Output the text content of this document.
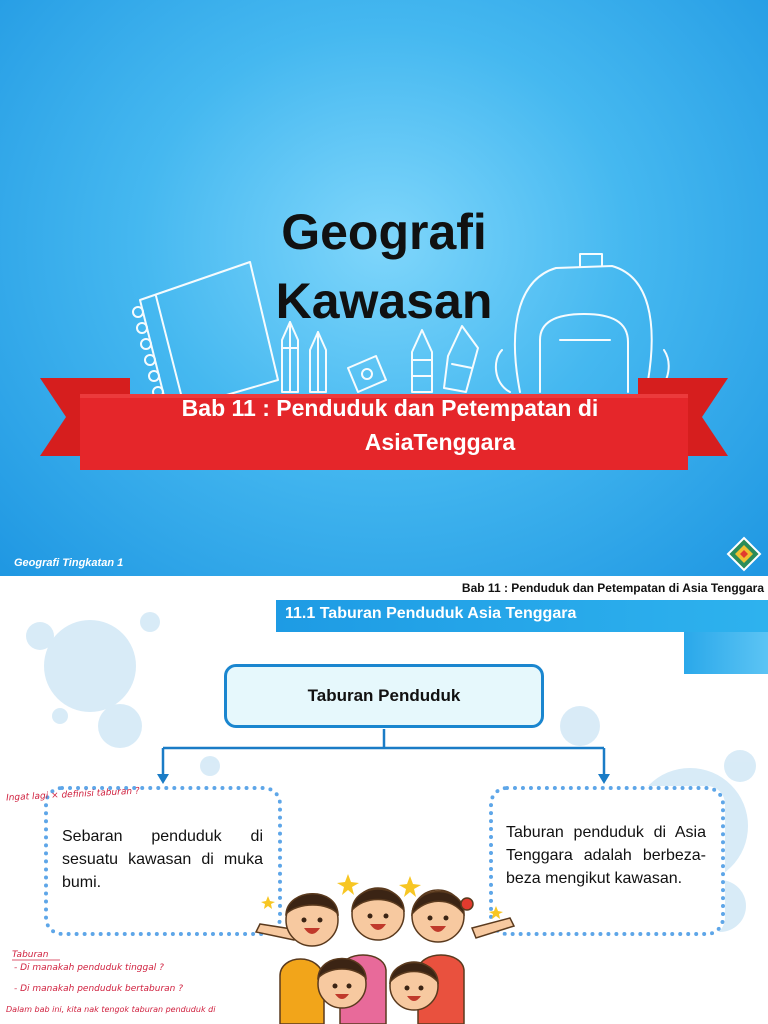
Geografi
Kawasan
Bab 11 : Penduduk dan Petempatan di
AsiaTenggara
Geografi Tingkatan 1
Bab 11 : Penduduk dan Petempatan di Asia Tenggara
11.1 Taburan Penduduk Asia Tenggara
Taburan Penduduk
Sebaran penduduk di sesuatu kawasan di muka bumi.
Taburan penduduk di Asia Tenggara adalah berbeza-beza mengikut kawasan.
Ingat lagi × definisi taburan ?
Taburan
- Di manakah penduduk tinggal ?
- Di manakah penduduk bertaburan ?
Dalam bab ini, kita nak tengok taburan penduduk di
